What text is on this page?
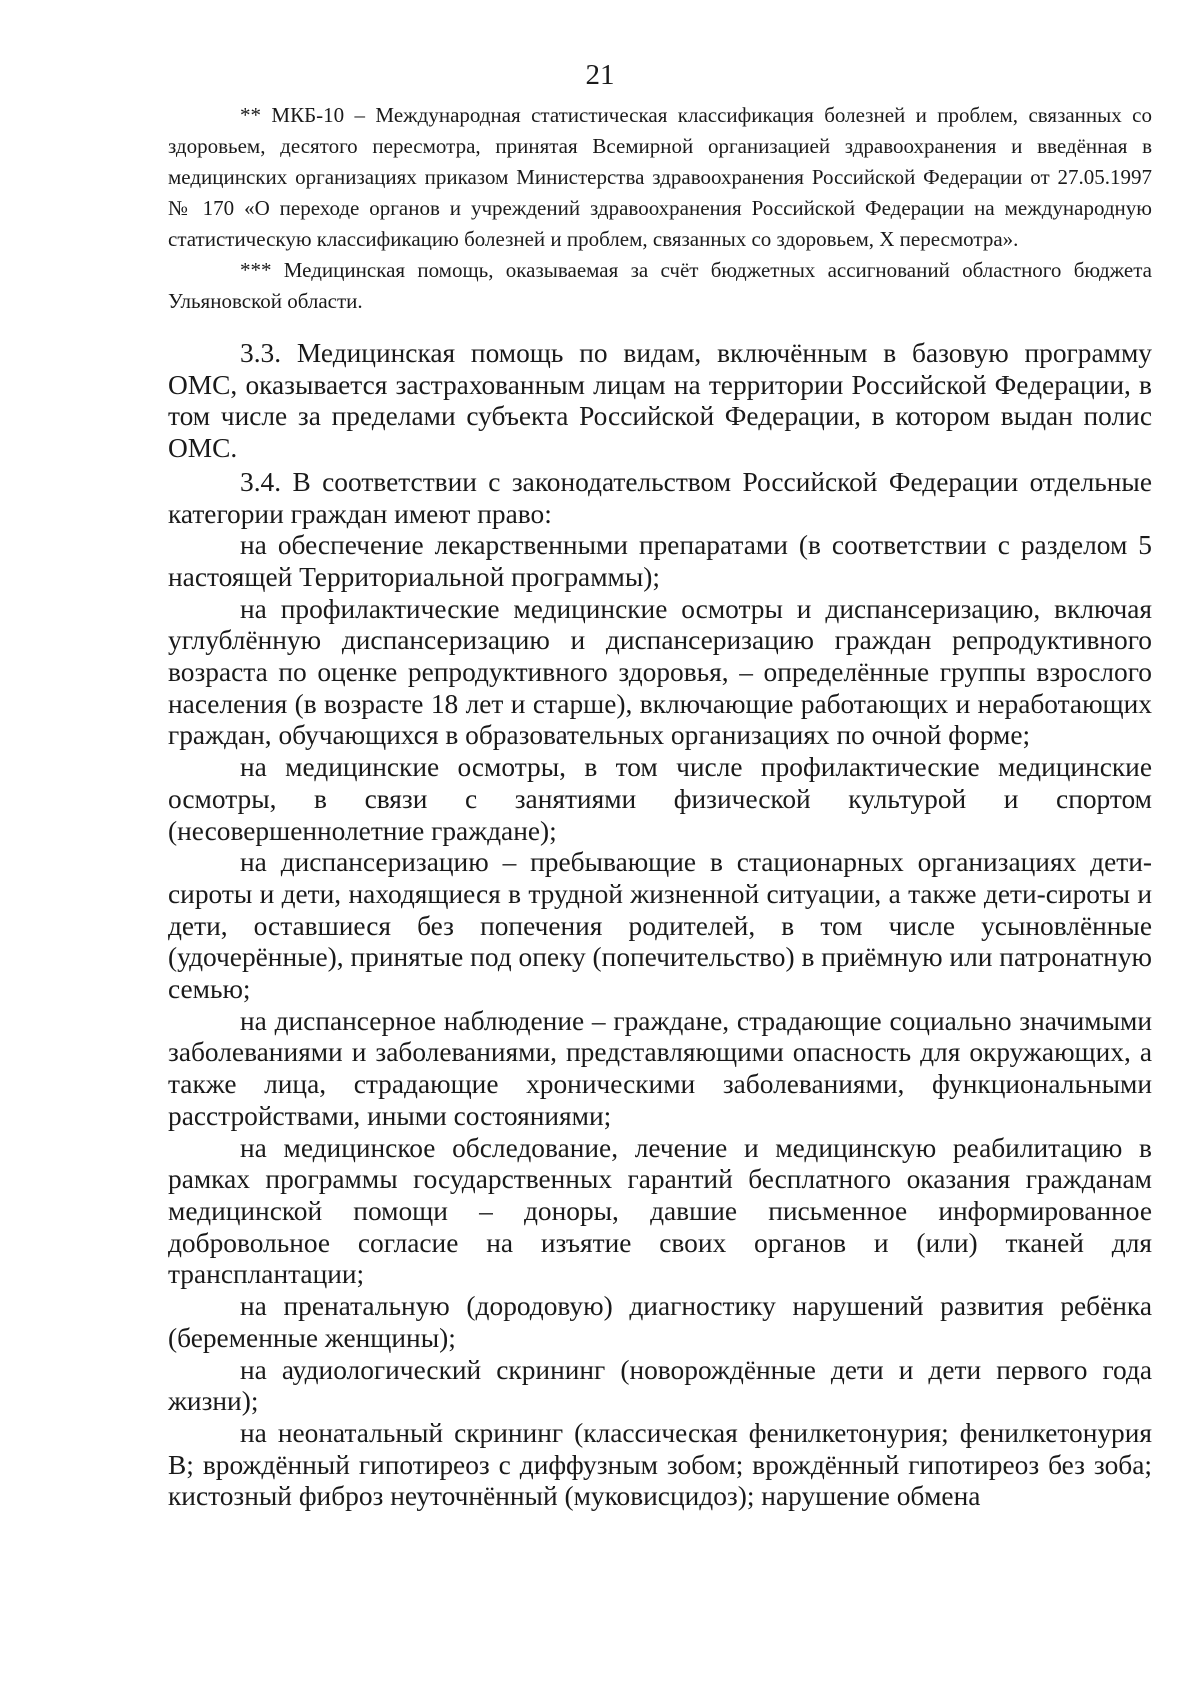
21

** МКБ-10 – Международная статистическая классификация болезней и проблем, связанных со здоровьем, десятого пересмотра, принятая Всемирной организацией здравоохранения и введённая в медицинских организациях приказом Министерства здравоохранения Российской Федерации от 27.05.1997 № 170 «О переходе органов и учреждений здравоохранения Российской Федерации на международную статистическую классификацию болезней и проблем, связанных со здоровьем, X пересмотра».

*** Медицинская помощь, оказываемая за счёт бюджетных ассигнований областного бюджета Ульяновской области.

3.3. Медицинская помощь по видам, включённым в базовую программу ОМС, оказывается застрахованным лицам на территории Российской Федерации, в том числе за пределами субъекта Российской Федерации, в котором выдан полис ОМС.

3.4. В соответствии с законодательством Российской Федерации отдельные категории граждан имеют право:

на обеспечение лекарственными препаратами (в соответствии с разделом 5 настоящей Территориальной программы);

на профилактические медицинские осмотры и диспансеризацию, включая углублённую диспансеризацию и диспансеризацию граждан репродуктивного возраста по оценке репродуктивного здоровья, – определённые группы взрослого населения (в возрасте 18 лет и старше), включающие работающих и неработающих граждан, обучающихся в образовательных организациях по очной форме;

на медицинские осмотры, в том числе профилактические медицинские осмотры, в связи с занятиями физической культурой и спортом (несовершеннолетние граждане);

на диспансеризацию – пребывающие в стационарных организациях дети-сироты и дети, находящиеся в трудной жизненной ситуации, а также дети-сироты и дети, оставшиеся без попечения родителей, в том числе усыновлённые (удочерённые), принятые под опеку (попечительство) в приёмную или патронатную семью;

на диспансерное наблюдение – граждане, страдающие социально значимыми заболеваниями и заболеваниями, представляющими опасность для окружающих, а также лица, страдающие хроническими заболеваниями, функциональными расстройствами, иными состояниями;

на медицинское обследование, лечение и медицинскую реабилитацию в рамках программы государственных гарантий бесплатного оказания гражданам медицинской помощи – доноры, давшие письменное информированное добровольное согласие на изъятие своих органов и (или) тканей для трансплантации;

на пренатальную (дородовую) диагностику нарушений развития ребёнка (беременные женщины);

на аудиологический скрининг (новорождённые дети и дети первого года жизни);

на неонатальный скрининг (классическая фенилкетонурия; фенилкетонурия B; врождённый гипотиреоз с диффузным зобом; врождённый гипотиреоз без зоба; кистозный фиброз неуточнённый (муковисцидоз); нарушение обмена
